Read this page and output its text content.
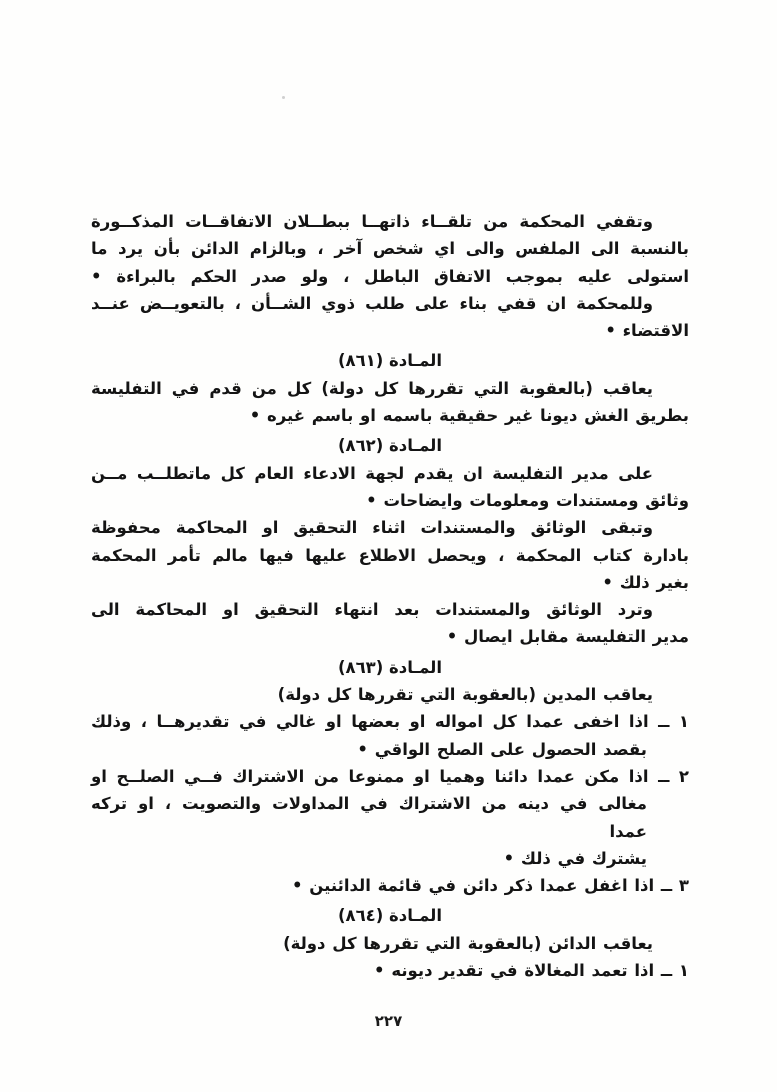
وتقفي المحكمة من تلقــاء ذاتهــا ببطــلان الاتفاقــات المذكــورة
بالنسبة الى الملفس والى اي شخص آخر ، وبالزام الدائن بأن يرد ما
استولى عليه بموجب الاتفاق الباطل ، ولو صدر الحكم بالبراءة •
وللمحكمة ان قفي بناء على طلب ذوي الشــأن ، بالتعويــض عنــد
الاقتضاء •
المـادة (٨٦١)
يعاقب (بالعقوبة التي تقررها كل دولة) كل من قدم في التفليسة
بطريق الغش ديونا غير حقيقية باسمه او باسم غيره •
المـادة (٨٦٢)
على مدير التفليسة ان يقدم لجهة الادعاء العام كل ماتطلــب مــن
وثائق ومستندات ومعلومات وايضاحات •
وتبقى الوثائق والمستندات اثناء التحقيق او المحاكمة محفوظة
بادارة كتاب المحكمة ، ويحصل الاطلاع عليها فيها مالم تأمر المحكمة
بغير ذلك •
وترد الوثائق والمستندات بعد انتهاء التحقيق او المحاكمة الى
مدير التفليسة مقابل ايصال •
المـادة (٨٦٣)
يعاقب المدين (بالعقوبة التي تقررها كل دولة)
١ ــ اذا اخفى عمدا كل امواله او بعضها او غالي في تقديرهــا ، وذلك
بقصد الحصول على الصلح الواقي •
٢ ــ اذا مكن عمدا دائنا وهميا او ممنوعا من الاشتراك فــي الصلــح او
مغالى في دينه من الاشتراك في المداولات والتصويت ، او تركه عمدا
يشترك في ذلك •
٣ ــ اذا اغفل عمدا ذكر دائن في قائمة الدائنين •
المـادة (٨٦٤)
يعاقب الدائن (بالعقوبة التي تقررها كل دولة)
١ ــ اذا تعمد المغالاة في تقدير ديونه •
٢٢٧
